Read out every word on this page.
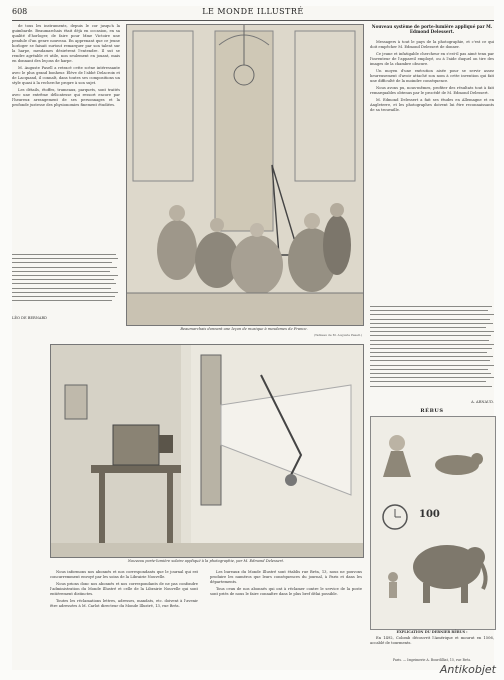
608	LE MONDE ILLUSTRÉ

de tous les instruments, depuis le cor jusqu'à la guimbarde. Beaumarchais était déjà en occasion, en sa qualité d'horloger, de faire pour Mme Victoire une pendule d'un genre nouveau. En apprenant que ce jeune horloger se faisait surtout remarquer par son talent sur la harpe, mesdames désirèrent l'entendre. Il sut se rendre agréable et utile, non seulement en jouant, mais en donnant des leçons de harpe.

M. Auguste Pasell a retracé cette scène intéressante avec le plus grand bonheur. Élève de l'abbé Delacroix et de Lacquand, il connaît, dans toutes ses compositions un style quasi à la recherche propre à son sujet.

Les détails, étoffes, trumeaux, parquets, sont traités avec une extrême délicatesse qui ressort encore par l'heureux arrangement de ses personnages et la profonde justesse des physionomies finement étudiées.

LÉO DE BERNARD
Beaumarchais donnant une leçon de musique à mesdames de France.
(Tableau de M. Auguste Pasell.)
Nouveau système de porte-lumière appliqué par M. Edmond Delessert.

Messagers à tout le pays de la photographie, et c'est ce qui doit empêcher M. Edmond Delessert de donner.

Ce jeune et infatigable chercheur en s'est-il pas aimé tenu par l'inventeur de l'appareil employé, ou à l'aide duquel on tire des images de la chambre obscure.

Un moyen d'une exécution aisée pour se servir assez heureusement d'avoir attaché son nom à cette invention qui fait une difficulté de la moindre conséquence.

Nous avons pu, nous-mêmes, profiter des résultats tout à fait remarquables obtenus par le procédé de M. Edmond Delessert.

M. Edmond Delessert a fait ses études en Allemagne et en Angleterre, et les photographes doivent lui être reconnaissants de sa trouvaille.

A. ARNAUD.
Nouveau porte-lumière solaire appliqué à la photographie, par M. Edmond Delessert.

Nous informons nos abonnés et nos correspondants que le journal qui est concurremment envoyé par les soins de la Librairie Nouvelle.

Nous prions donc nos abonnés et nos correspondants de ne pas confondre l'administration du Monde Illustré et celle de la Librairie Nouvelle qui sont entièrement distinctes.

Toutes les réclamations lettres, adresses, mandats, etc. doivent à l'avenir être adressées à M. Carlot directeur du Monde Illustré, 13, rue Bréa.

Les bureaux du Monde Illustré sont établis rue Bréa, 13, nous ne pouvons produire les numéros que leurs conséquences du journal, à Paris et dans les départements.

Tous ceux de nos abonnés qui ont à réclamer contre le service de la poste sont priés de nous le faire connaître dans le plus bref délai possible.

RÉBUS
100
EXPLICATION DU DERNIER RÉBUS :

En 1492, Colomb découvrit l'Amérique et mourut en 1506, accablé de tourments.

Paris. — Imprimerie A. Bourdilliat, 15, rue Bréa.
Antikobjet
